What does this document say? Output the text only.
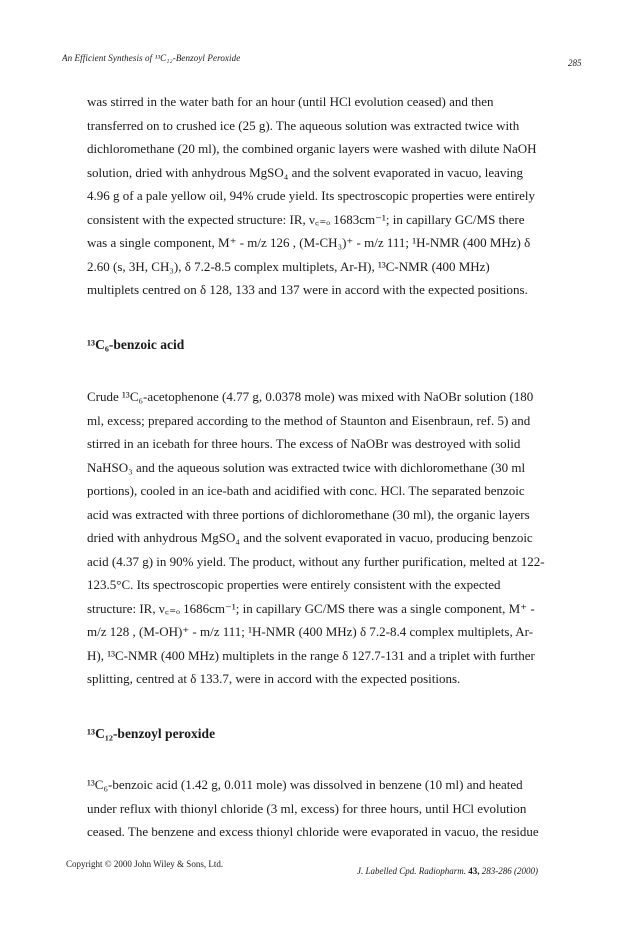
An Efficient Synthesis of ¹³C₁₂-Benzoyl Peroxide	285
was stirred in the water bath for an hour (until HCl evolution ceased) and then
transferred on to crushed ice (25 g). The aqueous solution was extracted twice with
dichloromethane (20 ml), the combined organic layers were washed with dilute NaOH
solution, dried with anhydrous MgSO₄ and the solvent evaporated in vacuo, leaving
4.96 g of a pale yellow oil, 94% crude yield. Its spectroscopic properties were entirely
consistent with the expected structure: IR, ν꜀₌ₒ 1683cm⁻¹; in capillary GC/MS there
was a single component, M⁺ - m/z 126 , (M-CH₃)⁺ - m/z 111; ¹H-NMR (400 MHz) δ
2.60 (s, 3H, CH₃), δ 7.2-8.5 complex multiplets, Ar-H), ¹³C-NMR (400 MHz)
multiplets centred on δ 128, 133 and 137 were in accord with the expected positions.
¹³C₆-benzoic acid
Crude ¹³C₆-acetophenone (4.77 g, 0.0378 mole) was mixed with NaOBr solution (180
ml, excess; prepared according to the method of Staunton and Eisenbraun, ref. 5) and
stirred in an icebath for three hours. The excess of NaOBr was destroyed with solid
NaHSO₃ and the aqueous solution was extracted twice with dichloromethane (30 ml
portions), cooled in an ice-bath and acidified with conc. HCl. The separated benzoic
acid was extracted with three portions of dichloromethane (30 ml), the organic layers
dried with anhydrous MgSO₄ and the solvent evaporated in vacuo, producing benzoic
acid (4.37 g) in 90% yield. The product, without any further purification, melted at 122-
123.5°C. Its spectroscopic properties were entirely consistent with the expected
structure: IR, ν꜀₌ₒ 1686cm⁻¹; in capillary GC/MS there was a single component, M⁺ -
m/z 128 , (M-OH)⁺ - m/z 111; ¹H-NMR (400 MHz) δ 7.2-8.4 complex multiplets, Ar-
H), ¹³C-NMR (400 MHz) multiplets in the range δ 127.7-131 and a triplet with further
splitting, centred at δ 133.7, were in accord with the expected positions.
¹³C₁₂-benzoyl peroxide
¹³C₆-benzoic acid (1.42 g, 0.011 mole) was dissolved in benzene (10 ml) and heated
under reflux with thionyl chloride (3 ml, excess) for three hours, until HCl evolution
ceased. The benzene and excess thionyl chloride were evaporated in vacuo, the residue
Copyright © 2000 John Wiley & Sons, Ltd.
J. Labelled Cpd. Radiopharm. 43, 283-286 (2000)
